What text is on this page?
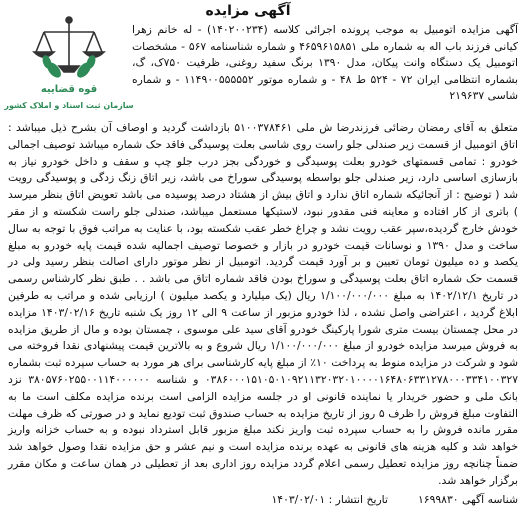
قوه قضاییه
سازمان ثبت اسناد و املاک کشور
آگهی مزایده
آگهی مزایده اتومبیل به موجب پرونده اجرائی کلاسه (۱۴۰۲۰۰۲۳۴) - له خانم زهرا کیانی فرزند باب اله به شماره ملی ۴۶۵۹۶۱۵۸۵۱ و شماره شناسنامه ۵۶۷ - مشخصات اتومبیل یک دستگاه وانت پیکان، مدل ۱۳۹۰ برنگ سفید روغنی، ظرفیت ۷۵۰ک، گ، بشماره انتظامی ایران ۷۲ - ۵۲۴ ط ۴۸ - و شماره موتور ۱۱۴۹۰۰۵۵۵۵۵۲ - و شماره شاسی ۲۱۹۶۳۷
متعلق به آقای رمضان رضائی فرزندرضا ش ملی ۵۱۰۰۳۷۸۴۶۱ بازداشت گردید و اوصاف آن بشرح ذیل میباشد : اتاق اتومبیل از قسمت زیر صندلی جلو راست روی شاسی بعلت پوسیدگی فاقد حک شماره میباشد توصیف اجمالی خودرو : تمامی قسمتهای خودرو بعلت پوسیدگی و خوردگی بجز درب جلو چپ و سقف و داخل خودرو نیاز به بازسازی اساسی دارد، زیر صندلی جلو بواسطه پوسیدگی سوراخ می باشد، زیر اتاق زنگ زدگی و پوسیدگی رویت شد ( توضیح : از آنجائیکه شماره اتاق ندارد و اتاق بیش از هشتاد درصد پوسیده می باشد تعویض اتاق بنظر میرسد ) باتری از کار افتاده و معاینه فنی مقدور نبود، لاستیکها مستعمل میباشد، صندلی جلو راست شکسته و از مقر خودش خارج گردیده،سپر عقب رویت نشد و چراغ خطر عقب شکسته بود، با عنایت به مراتب فوق با توجه به سال ساخت و مدل ۱۳۹۰ و نوسانات قیمت خودرو در بازار و خصوصا توصیف اجمالیه شده قیمت پایه خودرو به مبلغ یکصد و ده میلیون تومان تعیین و بر آورد قیمت گردید. اتومبیل از نظر موتور دارای اصالت بنظر رسید ولی در قسمت حک شماره اتاق بعلت پوسیدگی و سوراخ بودن فاقد شماره اتاق می باشد . . طبق نظر کارشناس رسمی در تاریخ ۱۴۰۲/۱۲/۱ به مبلغ ۱/۱۰۰/۰۰۰/۰۰۰ ریال (یک میلیارد و یکصد میلیون ) ارزیابی شده و مراتب به طرفین ابلاغ گردید ، اعتراضی واصل نشده ، لذا خودرو مزبور از ساعت ۹ الی ۱۲ روز یک شنبه تاریخ ۱۴۰۳/۰۲/۱۶ مزایده در محل چمستان بیست متری شورا پارکینگ خودرو آقای سید علی موسوی ، چمستان بوده و مال از طریق مزایده به فروش میرسد مزایده خودرو از مبلغ ۱/۱۰۰/۰۰۰/۰۰۰ ریال شروع و به بالاترین قیمت پیشنهادی نقدا فروخته می شود و شرکت در مزایده منوط به پرداخت ۱۰٪ از مبلغ پایه کارشناسی برای هر مورد به حساب سپرده ثبت بشماره ۰۳۸۶۰۰۰۱۵۱۰۵۰۱۰۹۲۱۱۳۲۰۳۲۰۱۰۰۰۰۱۶۴۸۰۶۳۳۱۲۷۸۰۰۰۳۳۴۱۰۰۳۲۷ و شناسه ۳۸۰۵۷۶۰۲۵۵۰۰۱۱۴۰۰۰۰۰۰ نزد بانک ملی و حضور خریدار یا نماینده قانونی او در جلسه مزایده الزامی است برنده مزایده مکلف است ما به التفاوت مبلغ فروش را ظرف ۵ روز از تاریخ مزایده به حساب صندوق ثبت تودیع نماید و در صورتی که ظرف مهلت مقرر مانده فروش را به حساب سپرده ثبت واریز نکند مبلغ مزبور قابل استرداد نبوده و به حساب خزانه واریز خواهد شد و کلیه هزینه های قانونی به عهده برنده مزایده است و نیم عشر و حق مزایده نقدا وصول خواهد شد ضمناً چنانچه روز مزایده تعطیل رسمی اعلام گردد مزایده روز اداری بعد از تعطیلی در همان ساعت و مکان مقرر برگزار خواهد شد.
شناسه آگهی ۱۶۹۹۸۳۰
تاریخ انتشار : ۱۴۰۳/۰۲/۰۱
